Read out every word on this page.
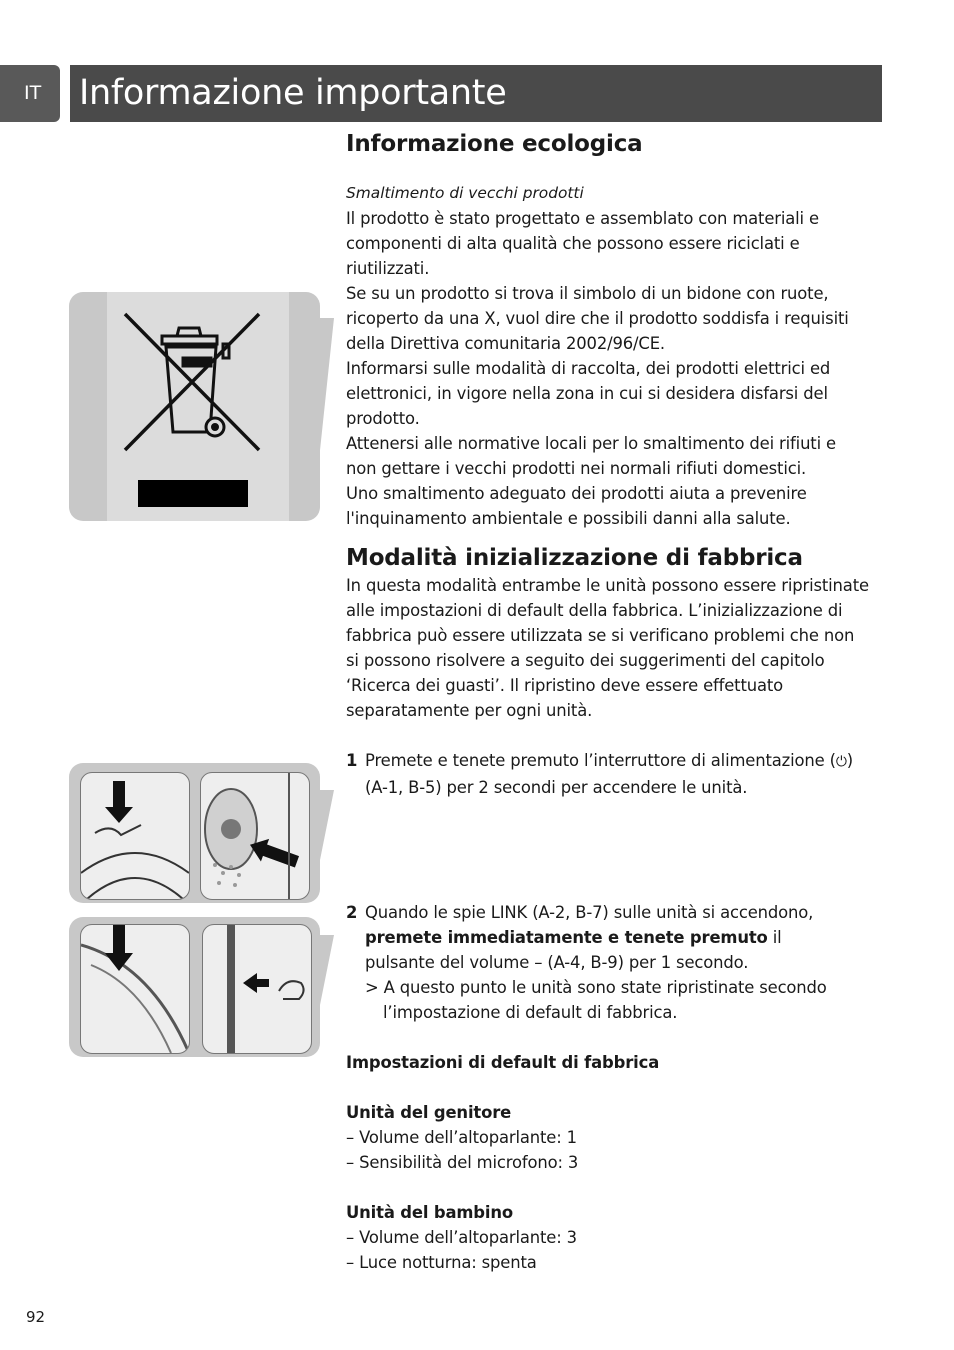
IT	Informazione importante

Informazione ecologica

Smaltimento di vecchi prodotti

Il prodotto è stato progettato e assemblato con materiali e

componenti di alta qualità che possono essere riciclati e

riutilizzati.

Se su un prodotto si trova il simbolo di un bidone con ruote,

ricoperto da una X, vuol dire che il prodotto soddisfa i requisiti

della Direttiva comunitaria 2002/96/CE.

Informarsi sulle modalità di raccolta, dei prodotti elettrici ed

elettronici, in vigore nella zona in cui si desidera disfarsi del

prodotto.

Attenersi alle normative locali per lo smaltimento dei rifiuti e

non gettare i vecchi prodotti nei normali rifiuti domestici.

Uno smaltimento adeguato dei prodotti aiuta a prevenire

l'inquinamento ambientale e possibili danni alla salute.

Modalità inizializzazione di fabbrica

In questa modalità entrambe le unità possono essere ripristinate

alle impostazioni di default della fabbrica. L’inizializzazione di

fabbrica può essere utilizzata se si verificano problemi che non

si possono risolvere a seguito dei suggerimenti del capitolo

‘Ricerca dei guasti’. Il ripristino deve essere effettuato

separatamente per ogni unità.

1 Premete e tenete premuto l’interruttore di alimentazione (⏻)

(A-1, B-5) per 2 secondi per accendere le unità.

2 Quando le spie LINK (A-2, B-7) sulle unità si accendono,

premete immediatamente e tenete premuto il

pulsante del volume – (A-4, B-9) per 1 secondo.

> A questo punto le unità sono state ripristinate secondo

l’impostazione di default di fabbrica.

Impostazioni di default di fabbrica

Unità del genitore

– Volume dell’altoparlante: 1

– Sensibilità del microfono: 3

Unità del bambino

– Volume dell’altoparlante: 3

– Luce notturna: spenta

92
